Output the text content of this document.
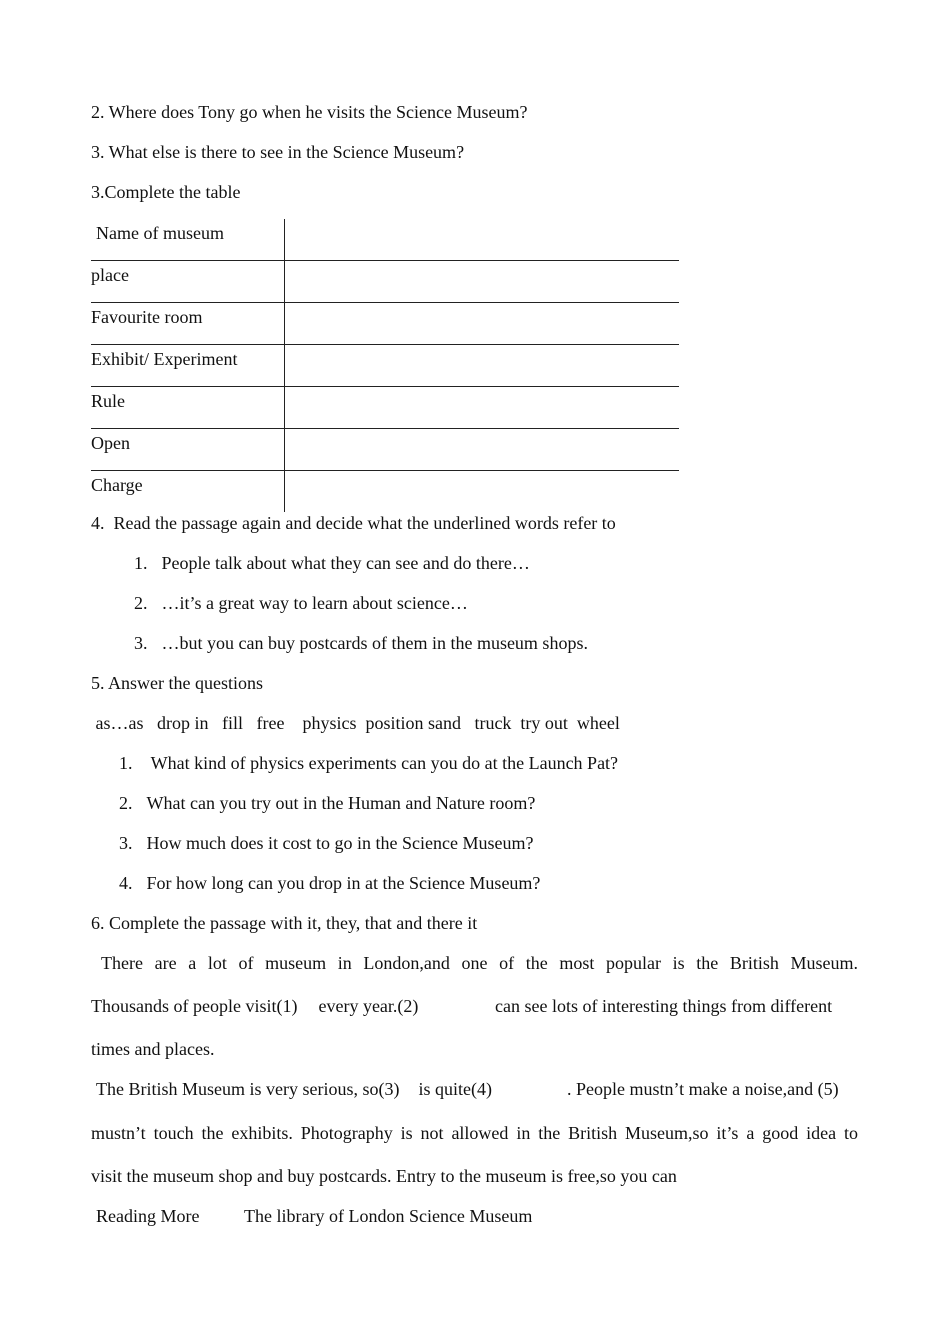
2. Where does Tony go when he visits the Science Museum?
3. What else is there to see in the Science Museum?
3.Complete the table
Name of museum	
place	
Favourite room	
Exhibit/ Experiment	
Rule	
Open	
Charge	
4.  Read the passage again and decide what the underlined words refer to
1. People talk about what they can see and do there…
2. …it’s a great way to learn about science…
3. …but you can buy postcards of them in the museum shops.
5. Answer the questions
as…as   drop in   fill   free    physics  position sand   truck  try out  wheel
1. What kind of physics experiments can you do at the Launch Pat?
2. What can you try out in the Human and Nature room?
3. How much does it cost to go in the Science Museum?
4. For how long can you drop in at the Science Museum?
6. Complete the passage with it, they, that and there it
There are a lot of museum in London,and one of the most popular is the British Museum.
Thousands of people visit(1) every year.(2)	can see lots of interesting things from different
times and places.
The British Museum is very serious, so(3) is quite(4)	. People mustn’t make a noise,and (5)
mustn’t touch the exhibits. Photography is not allowed in the British Museum,so it’s a good idea to
visit the museum shop and buy postcards. Entry to the museum is free,so you can
Reading More The library of London Science Museum
